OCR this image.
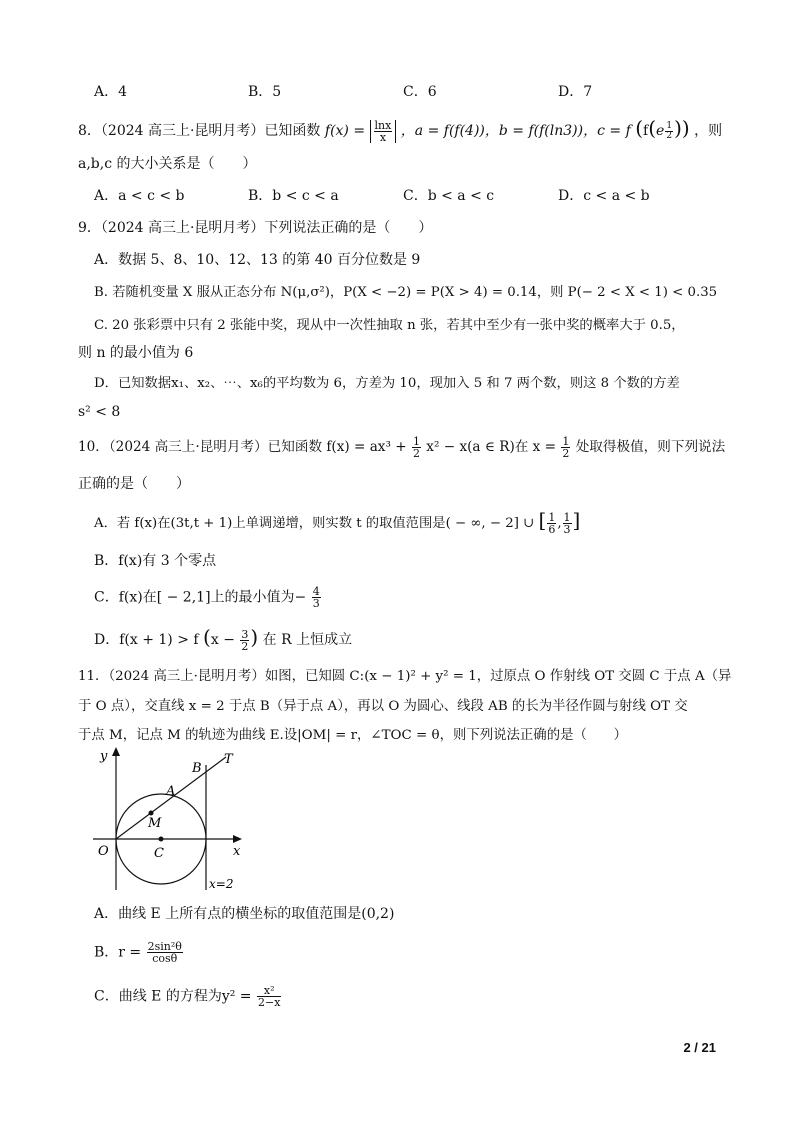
A．4	B．5	C．6	D．7
8．（2024 高三上·昆明月考）已知函数 $f(x) = \frac{\ln x}{x}$ ，a = f(f(4))，b = f(f(ln3))，c = f ($f(e \frac{1}{2}$ )) ，则
a,b,c 的大小关系是（　　）
A．a < c < b	B．b < c < a	C．b < a < c	D．c < a < b
9．（2024 高三上·昆明月考）下列说法正确的是（　　）
A．数据 5、8、10、12、13 的第 40 百分位数是 9
B. 若随机变量 X 服从正态分布 N(μ,σ²)，P(X < −2) = P(X > 4) = 0.14，则 P(− 2 < X < 1) < 0.35
C. 20 张彩票中只有 2 张能中奖，现从中一次性抽取 n 张，若其中至少有一张中奖的概率大于 0.5，
则 n 的最小值为 6
D．已知数据x₁、x₂、⋯、x₆的平均数为 6，方差为 10，现加入 5 和 7 两个数，则这 8 个数的方差
s² < 8
10．（2024 高三上·昆明月考）已知函数 $f(x) = ax^3 + \frac{1}{2} x^2 - x(a$ ∈ R)在 $x = \frac{1}{2}$ 处取得极值，则下列说法
正确的是（　　）
A．若 f(x)在(3t,t + 1)上单调递增，则实数 t 的取值范围是( − ∞, − 2] ∪ [ $\frac{1}{6}$ , $\frac{1}{3}$ ]
B．f(x)有 3 个零点
C．f(x)在[ − 2,1]上的最小值为− $\frac{4}{3}$
D．f(x + 1) > f ($x - \frac{3}{2}$ ) 在 R 上恒成立
11．（2024 高三上·昆明月考）如图，已知圆 C:(x − 1)² + y² = 1，过原点 O 作射线 OT 交圆 C 于点 A（异
于 O 点），交直线 x = 2 于点 B（异于点 A），再以 O 为圆心、线段 AB 的长为半径作圆与射线 OT 交
于点 M，记点 M 的轨迹为曲线 E.设|OM| = r，∠TOC = θ，则下列说法正确的是（　　）
y
x
O	C
A
B
T
M
x=2
A．曲线 E 上所有点的横坐标的取值范围是(0,2)
B．$r = \frac{\text{2sin²θ}}{\cos\theta}$
C．曲线 E 的方程为$y^2 = \frac{\text{x²}}{2-x}$
2 / 21
